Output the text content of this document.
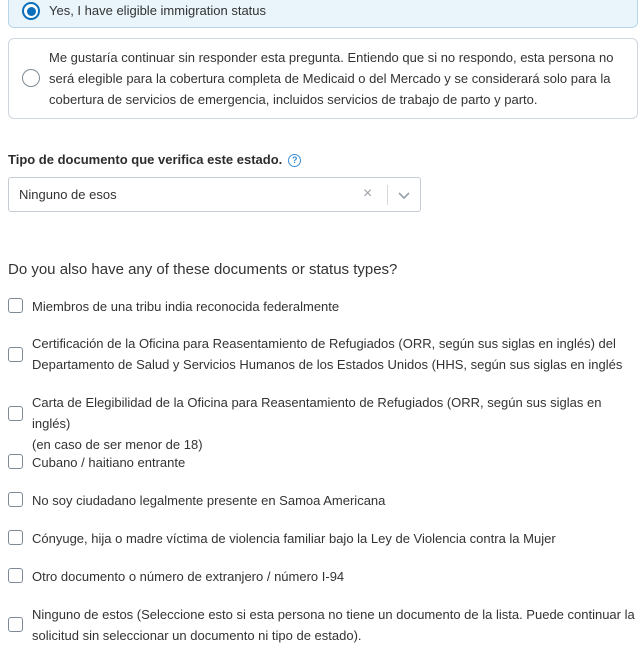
Yes, I have eligible immigration status
Me gustaría continuar sin responder esta pregunta. Entiendo que si no respondo, esta persona no
será elegible para la cobertura completa de Medicaid o del Mercado y se considerará solo para la
cobertura de servicios de emergencia, incluidos servicios de trabajo de parto y parto.
Tipo de documento que verifica este estado. ?
Ninguno de esos	×
Do you also have any of these documents or status types?
Miembros de una tribu india reconocida federalmente
Certificación de la Oficina para Reasentamiento de Refugiados (ORR, según sus siglas en inglés) del
Departamento de Salud y Servicios Humanos de los Estados Unidos (HHS, según sus siglas en inglés
Carta de Elegibilidad de la Oficina para Reasentamiento de Refugiados (ORR, según sus siglas en inglés)
(en caso de ser menor de 18)
Cubano / haitiano entrante
No soy ciudadano legalmente presente en Samoa Americana
Cónyuge, hija o madre víctima de violencia familiar bajo la Ley de Violencia contra la Mujer
Otro documento o número de extranjero / número I-94
Ninguno de estos (Seleccione esto si esta persona no tiene un documento de la lista. Puede continuar la
solicitud sin seleccionar un documento ni tipo de estado).
